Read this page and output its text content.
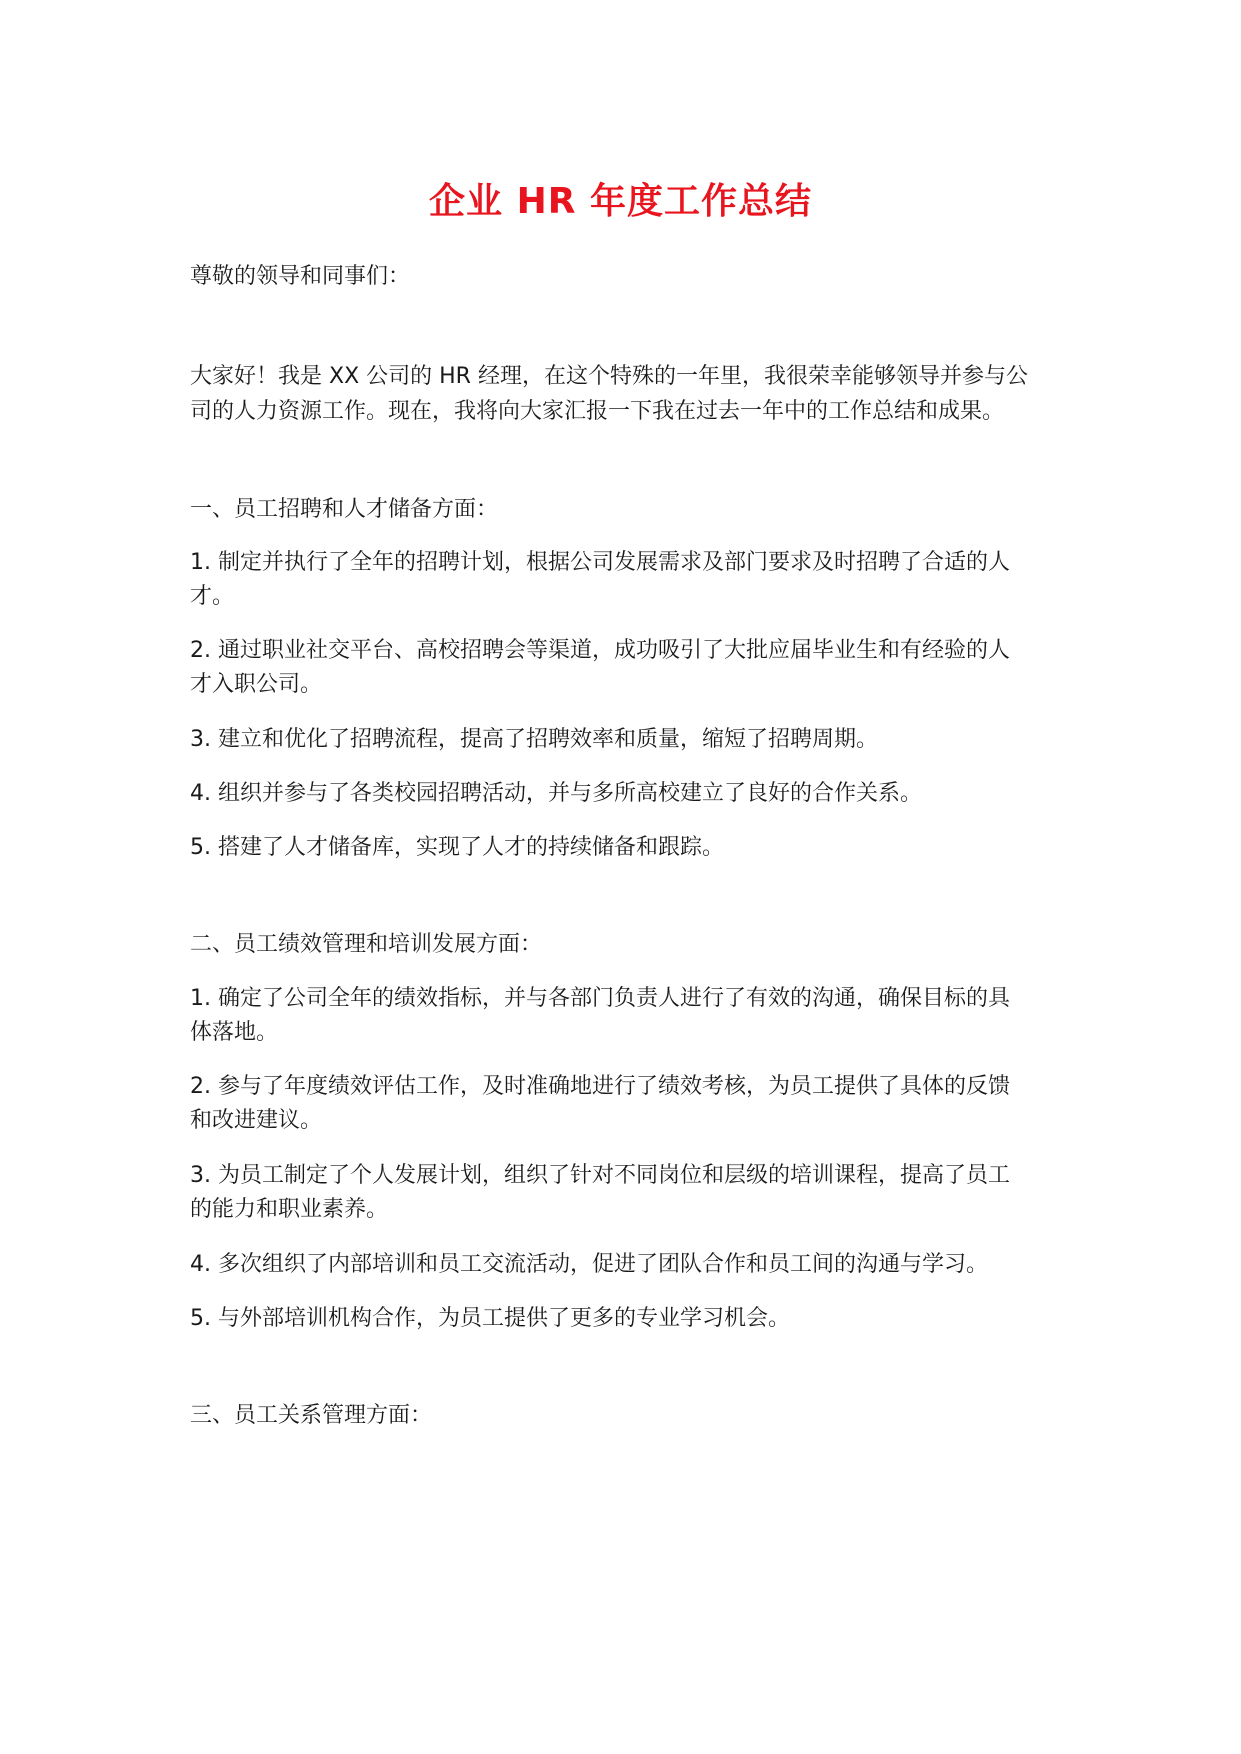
企业 HR 年度工作总结
尊敬的领导和同事们：
大家好！我是 XX 公司的 HR 经理，在这个特殊的一年里，我很荣幸能够领导并参与公
司的人力资源工作。现在，我将向大家汇报一下我在过去一年中的工作总结和成果。
一、员工招聘和人才储备方面：
1. 制定并执行了全年的招聘计划，根据公司发展需求及部门要求及时招聘了合适的人
才。
2. 通过职业社交平台、高校招聘会等渠道，成功吸引了大批应届毕业生和有经验的人
才入职公司。
3. 建立和优化了招聘流程，提高了招聘效率和质量，缩短了招聘周期。
4. 组织并参与了各类校园招聘活动，并与多所高校建立了良好的合作关系。
5. 搭建了人才储备库，实现了人才的持续储备和跟踪。
二、员工绩效管理和培训发展方面：
1. 确定了公司全年的绩效指标，并与各部门负责人进行了有效的沟通，确保目标的具
体落地。
2. 参与了年度绩效评估工作，及时准确地进行了绩效考核，为员工提供了具体的反馈
和改进建议。
3. 为员工制定了个人发展计划，组织了针对不同岗位和层级的培训课程，提高了员工
的能力和职业素养。
4. 多次组织了内部培训和员工交流活动，促进了团队合作和员工间的沟通与学习。
5. 与外部培训机构合作，为员工提供了更多的专业学习机会。
三、员工关系管理方面：
